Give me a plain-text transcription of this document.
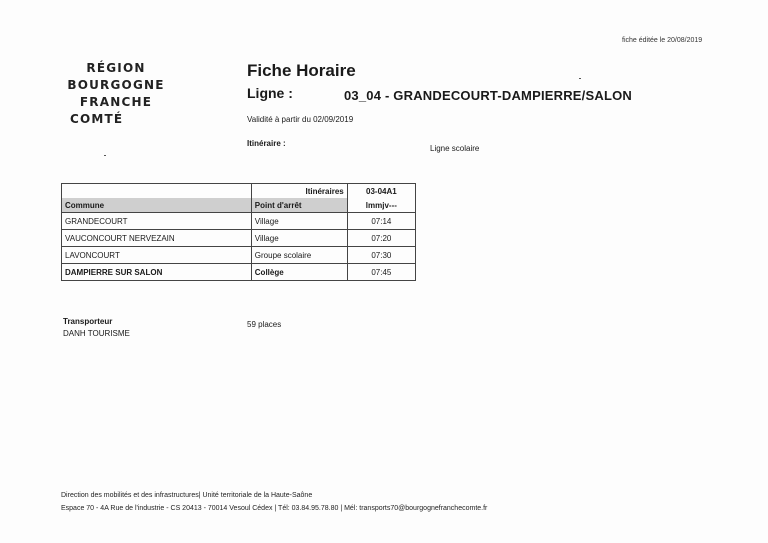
fiche éditée le 20/08/2019
RÉGION
BOURGOGNE
FRANCHE
COMTÉ
Fiche Horaire
Ligne :	03_04 - GRANDECOURT-DAMPIERRE/SALON
Validité à partir du 02/09/2019
Itinéraire :
Ligne scolaire
	Itinéraires	03-04A1
Commune	Point d'arrêt	lmmjv---
GRANDECOURT	Village	07:14
VAUCONCOURT NERVEZAIN	Village	07:20
LAVONCOURT	Groupe scolaire	07:30
DAMPIERRE SUR SALON	Collège	07:45
Transporteur
DANH TOURISME
59 places
Direction des mobilités et des infrastructures| Unité territoriale de la Haute-Saône
Espace 70 - 4A Rue de l'industrie - CS 20413 - 70014 Vesoul Cédex | Tél: 03.84.95.78.80 | Mél: transports70@bourgognefranchecomte.fr
